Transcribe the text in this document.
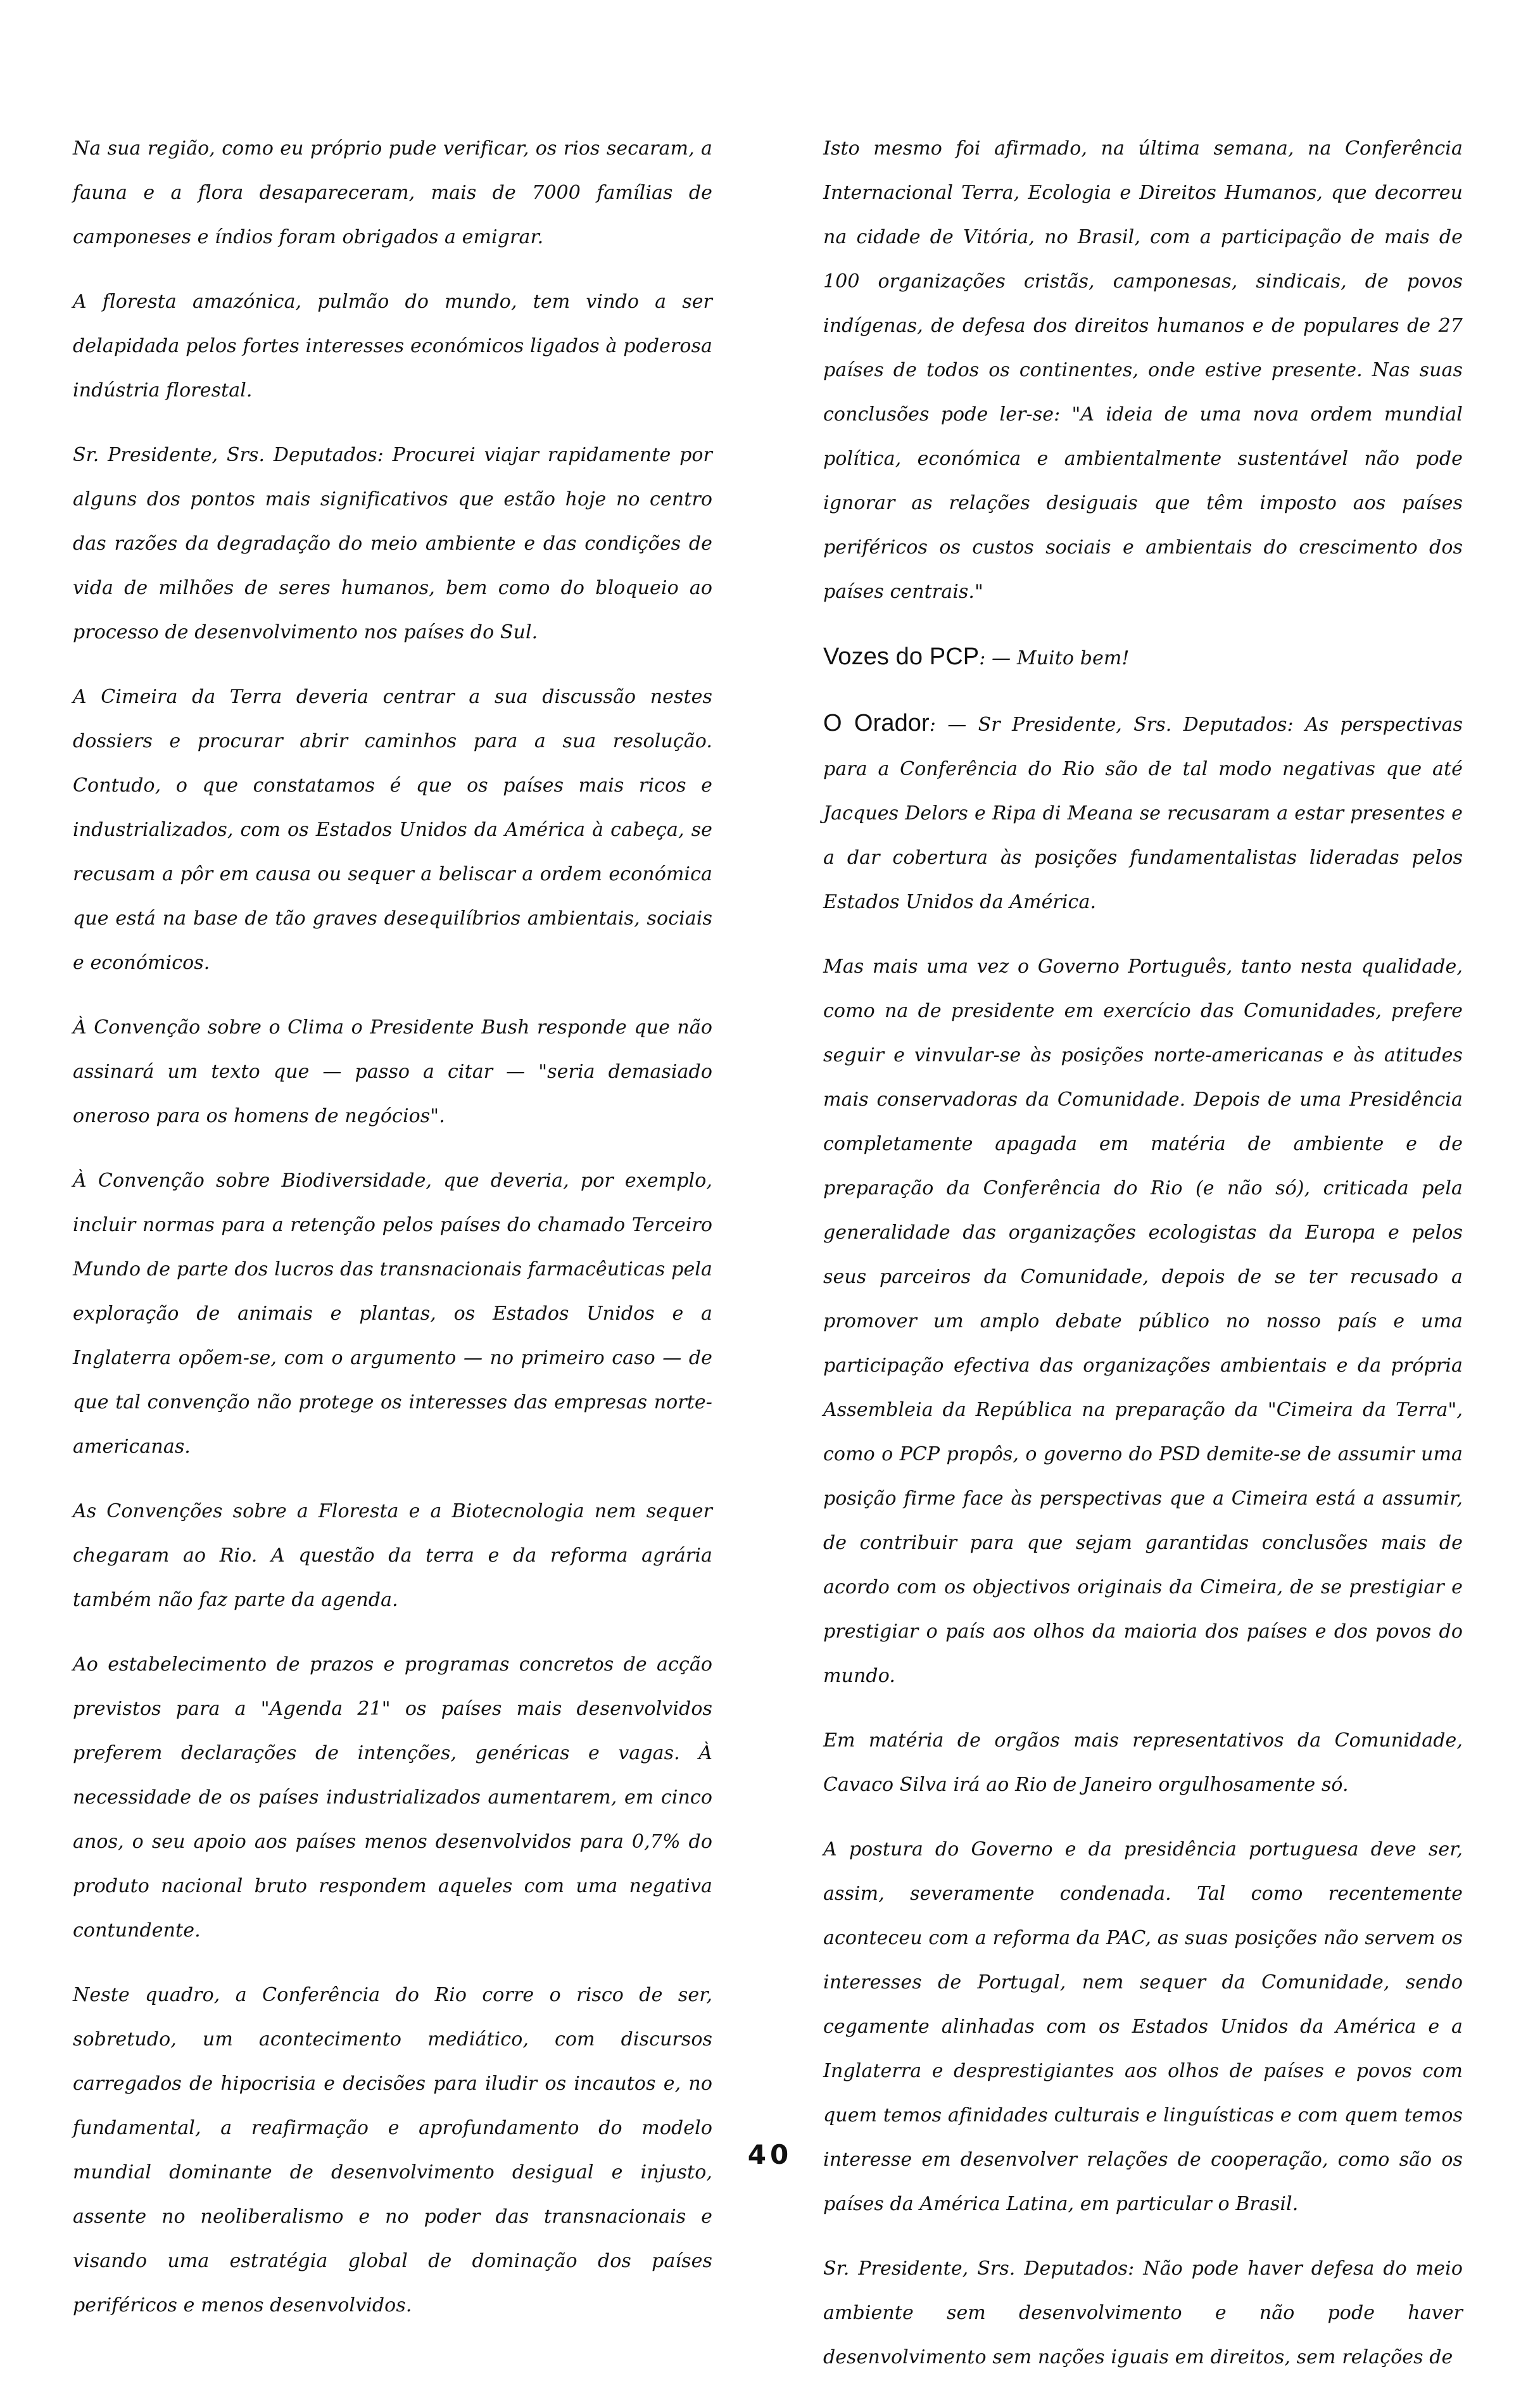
Na sua região, como eu próprio pude verificar, os rios secaram, a fauna e a flora desapareceram, mais de 7000 famílias de camponeses e índios foram obrigados a emigrar.

A floresta amazónica, pulmão do mundo, tem vindo a ser delapidada pelos fortes interesses económicos ligados à poderosa indústria florestal.

Sr. Presidente, Srs. Deputados: Procurei viajar rapidamente por alguns dos pontos mais significativos que estão hoje no centro das razões da degradação do meio ambiente e das condições de vida de milhões de seres humanos, bem como do bloqueio ao processo de desenvolvimento nos países do Sul.

A Cimeira da Terra deveria centrar a sua discussão nestes dossiers e procurar abrir caminhos para a sua resolução. Contudo, o que constatamos é que os países mais ricos e industrializados, com os Estados Unidos da América à cabeça, se recusam a pôr em causa ou sequer a beliscar a ordem económica que está na base de tão graves desequilíbrios ambientais, sociais e económicos.

À Convenção sobre o Clima o Presidente Bush responde que não assinará um texto que — passo a citar — "seria demasiado oneroso para os homens de negócios".

À Convenção sobre Biodiversidade, que deveria, por exemplo, incluir normas para a retenção pelos países do chamado Terceiro Mundo de parte dos lucros das transnacionais farmacêuticas pela exploração de animais e plantas, os Estados Unidos e a Inglaterra opõem-se, com o argumento — no primeiro caso — de que tal convenção não protege os interesses das empresas norte-americanas.

As Convenções sobre a Floresta e a Biotecnologia nem sequer chegaram ao Rio. A questão da terra e da reforma agrária também não faz parte da agenda.

Ao estabelecimento de prazos e programas concretos de acção previstos para a "Agenda 21" os países mais desenvolvidos preferem declarações de intenções, genéricas e vagas. À necessidade de os países industrializados aumentarem, em cinco anos, o seu apoio aos países menos desenvolvidos para 0,7% do produto nacional bruto respondem aqueles com uma negativa contundente.

Neste quadro, a Conferência do Rio corre o risco de ser, sobretudo, um acontecimento mediático, com discursos carregados de hipocrisia e decisões para iludir os incautos e, no fundamental, a reafirmação e aprofundamento do modelo mundial dominante de desenvolvimento desigual e injusto, assente no neoliberalismo e no poder das transnacionais e visando uma estratégia global de dominação dos países periféricos e menos desenvolvidos.

Isto mesmo foi afirmado, na última semana, na Conferência Internacional Terra, Ecologia e Direitos Humanos, que decorreu na cidade de Vitória, no Brasil, com a participação de mais de 100 organizações cristãs, camponesas, sindicais, de povos indígenas, de defesa dos direitos humanos e de populares de 27 países de todos os continentes, onde estive presente. Nas suas conclusões pode ler-se: "A ideia de uma nova ordem mundial política, económica e ambientalmente sustentável não pode ignorar as relações desiguais que têm imposto aos países periféricos os custos sociais e ambientais do crescimento dos países centrais."

Vozes do PCP: — Muito bem!

O Orador: — Sr Presidente, Srs. Deputados: As perspectivas para a Conferência do Rio são de tal modo negativas que até Jacques Delors e Ripa di Meana se recusaram a estar presentes e a dar cobertura às posições fundamentalistas lideradas pelos Estados Unidos da América.

Mas mais uma vez o Governo Português, tanto nesta qualidade, como na de presidente em exercício das Comunidades, prefere seguir e vinvular-se às posições norte-americanas e às atitudes mais conservadoras da Comunidade. Depois de uma Presidência completamente apagada em matéria de ambiente e de preparação da Conferência do Rio (e não só), criticada pela generalidade das organizações ecologistas da Europa e pelos seus parceiros da Comunidade, depois de se ter recusado a promover um amplo debate público no nosso país e uma participação efectiva das organizações ambientais e da própria Assembleia da República na preparação da "Cimeira da Terra", como o PCP propôs, o governo do PSD demite-se de assumir uma posição firme face às perspectivas que a Cimeira está a assumir, de contribuir para que sejam garantidas conclusões mais de acordo com os objectivos originais da Cimeira, de se prestigiar e prestigiar o país aos olhos da maioria dos países e dos povos do mundo.

Em matéria de orgãos mais representativos da Comunidade, Cavaco Silva irá ao Rio de Janeiro orgulhosamente só.

A postura do Governo e da presidência portuguesa deve ser, assim, severamente condenada. Tal como recentemente aconteceu com a reforma da PAC, as suas posições não servem os interesses de Portugal, nem sequer da Comunidade, sendo cegamente alinhadas com os Estados Unidos da América e a Inglaterra e desprestigiantes aos olhos de países e povos com quem temos afinidades culturais e linguísticas e com quem temos interesse em desenvolver relações de cooperação, como são os países da América Latina, em particular o Brasil.

Sr. Presidente, Srs. Deputados: Não pode haver defesa do meio ambiente sem desenvolvimento e não pode haver desenvolvimento sem nações iguais em direitos, sem relações de

40
